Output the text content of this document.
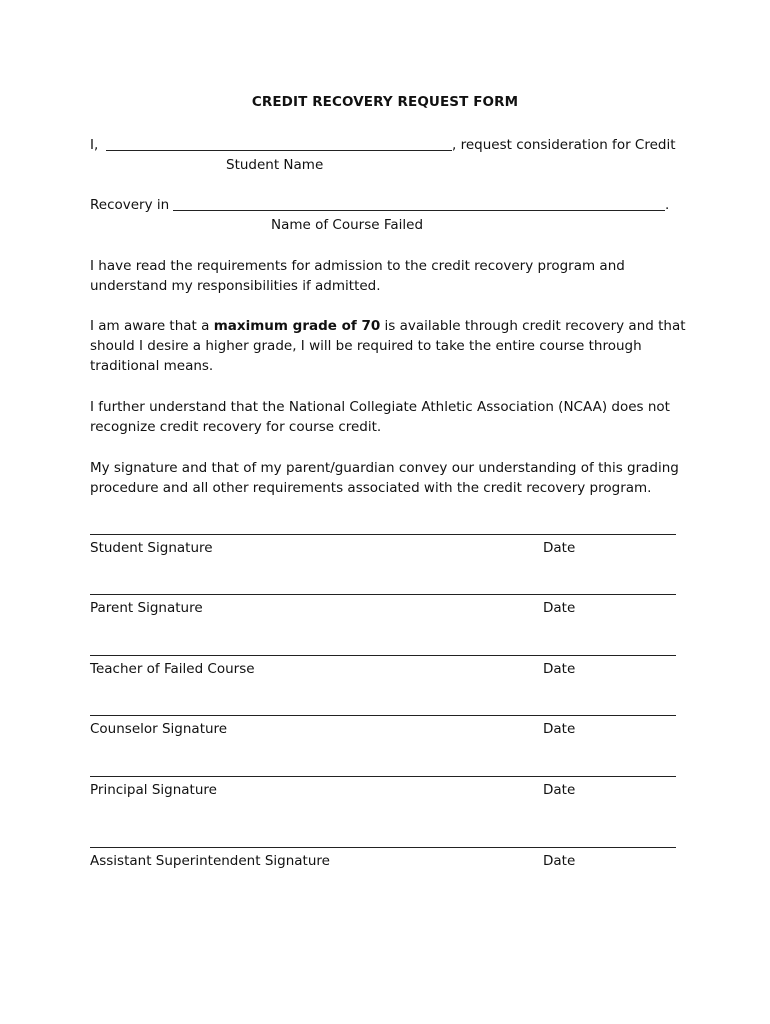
CREDIT RECOVERY REQUEST FORM
I,	, request consideration for Credit
Student Name
Recovery in	.
Name of Course Failed
I have read the requirements for admission to the credit recovery program and understand my responsibilities if admitted.
I am aware that a maximum grade of 70 is available through credit recovery and that should I desire a higher grade, I will be required to take the entire course through traditional means.
I further understand that the National Collegiate Athletic Association (NCAA) does not recognize credit recovery for course credit.
My signature and that of my parent/guardian convey our understanding of this grading procedure and all other requirements associated with the credit recovery program.
Student Signature	Date
Parent Signature	Date
Teacher of Failed Course	Date
Counselor Signature	Date
Principal Signature	Date
Assistant Superintendent Signature	Date
